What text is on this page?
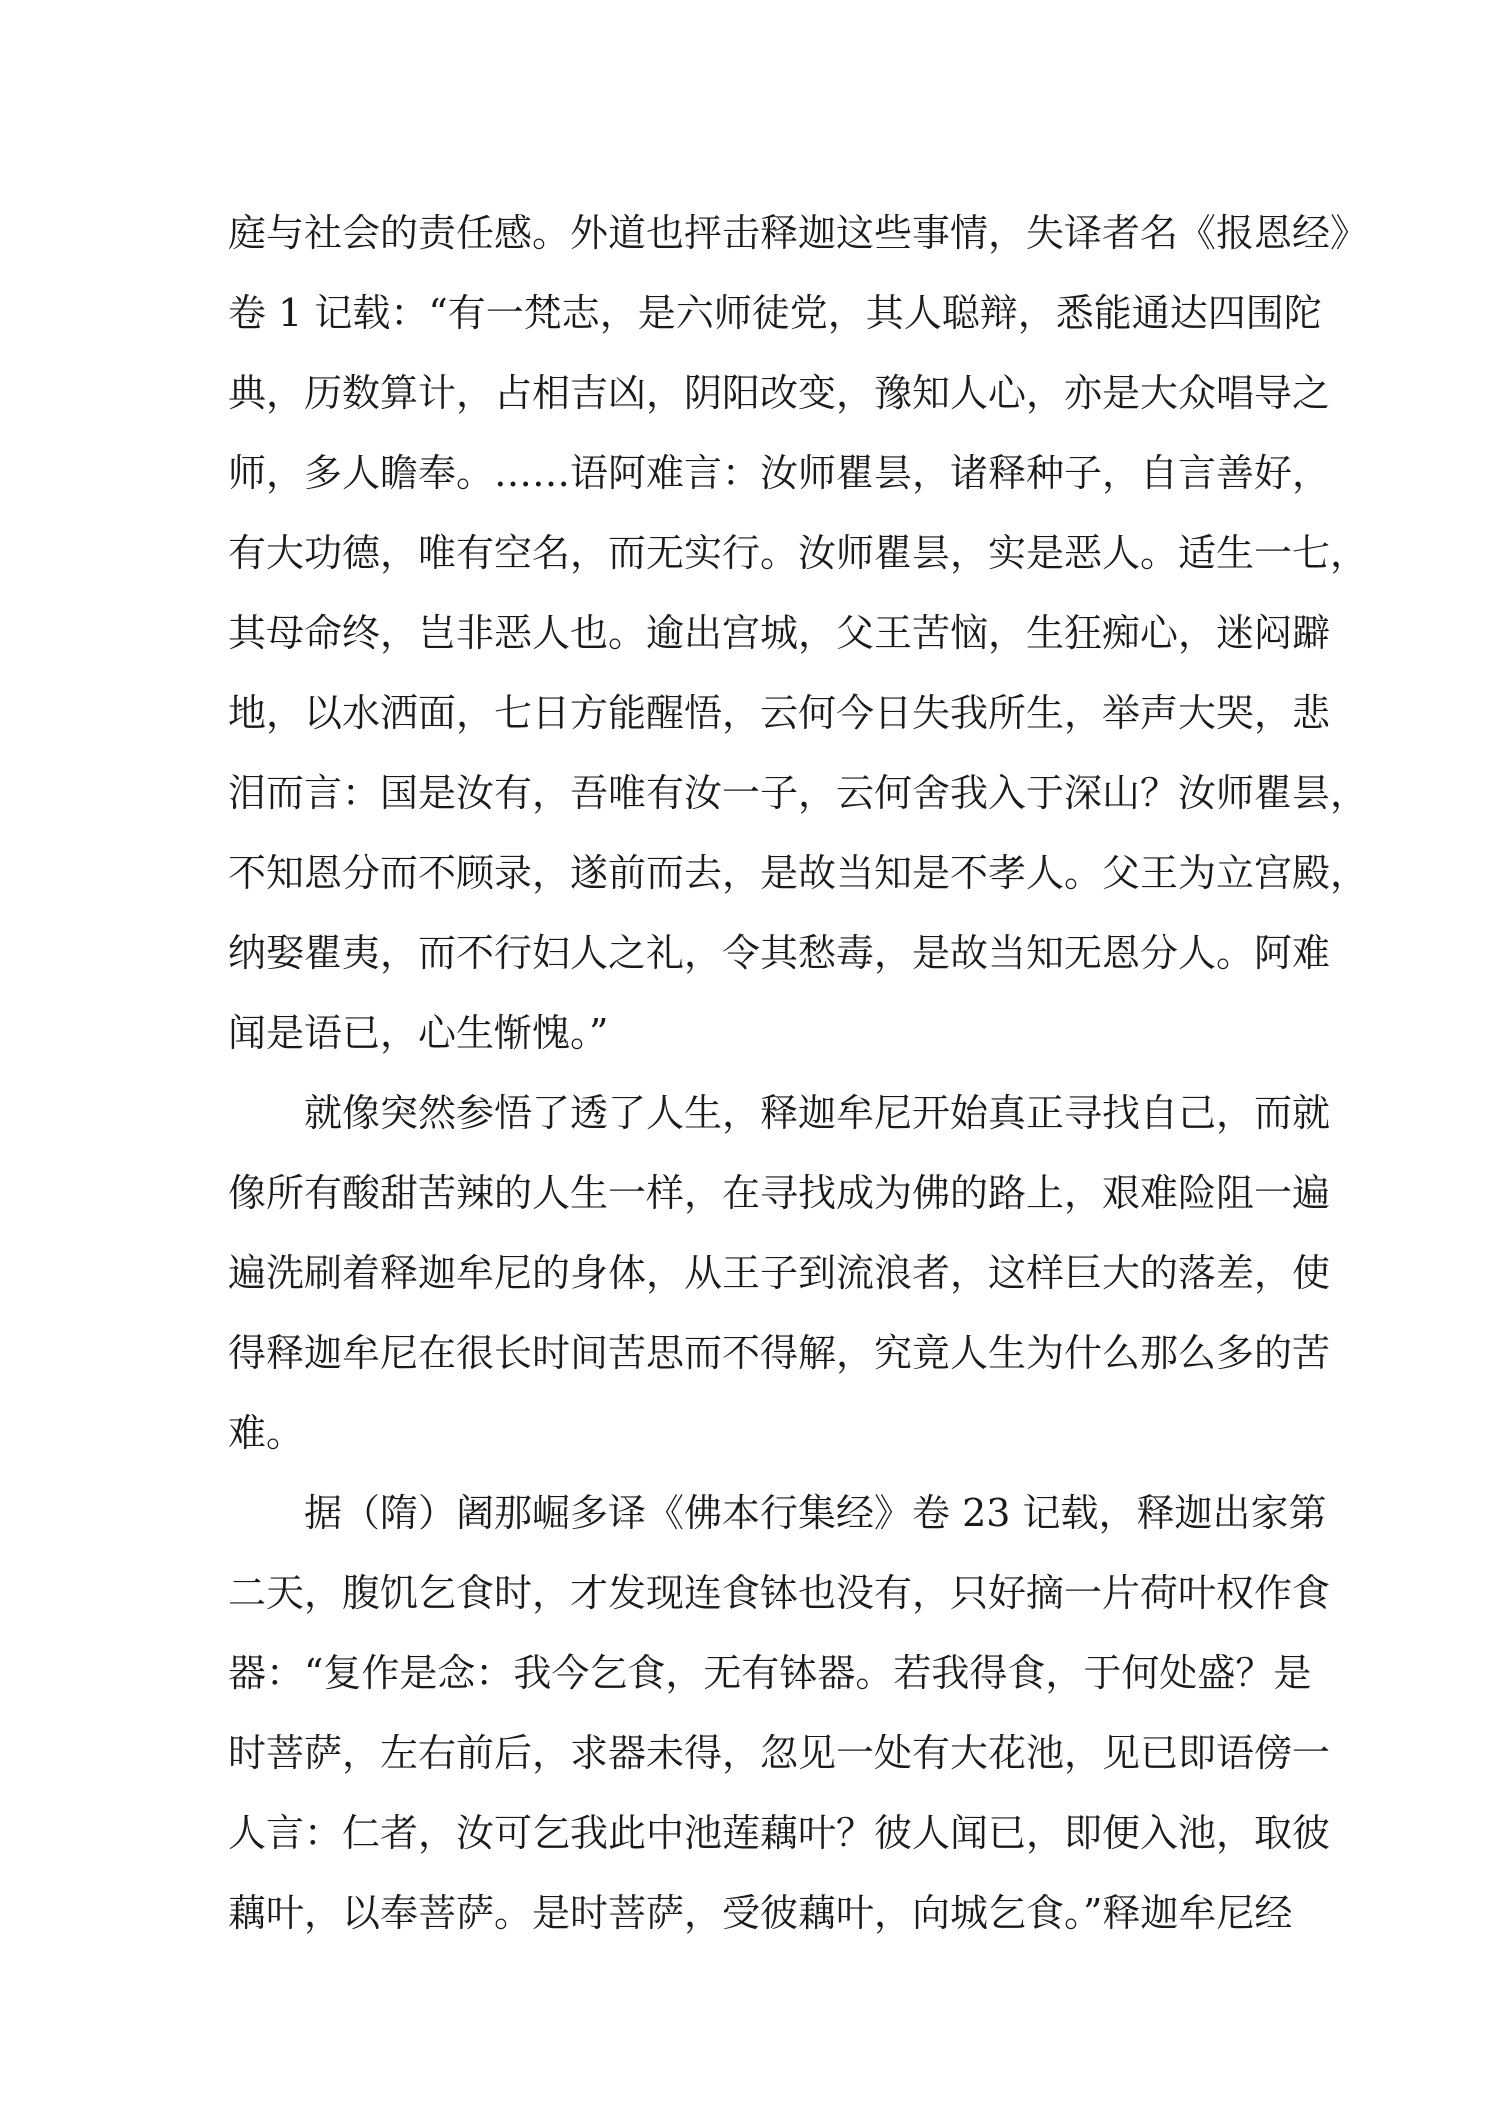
庭与社会的责任感。外道也抨击释迦这些事情，失译者名《报恩经》
卷 1 记载：“有一梵志，是六师徒党，其人聪辩，悉能通达四围陀
典，历数算计，占相吉凶，阴阳改变，豫知人心，亦是大众唱导之
师，多人瞻奉。……语阿难言：汝师瞿昙，诸释种子，自言善好，
有大功德，唯有空名，而无实行。汝师瞿昙，实是恶人。适生一七，
其母命终，岂非恶人也。逾出宫城，父王苦恼，生狂痴心，迷闷躃
地，以水洒面，七日方能醒悟，云何今日失我所生，举声大哭，悲
泪而言：国是汝有，吾唯有汝一子，云何舍我入于深山？汝师瞿昙，
不知恩分而不顾录，遂前而去，是故当知是不孝人。父王为立宫殿，
纳娶瞿夷，而不行妇人之礼，令其愁毒，是故当知无恩分人。阿难
闻是语已，心生惭愧。”
就像突然参悟了透了人生，释迦牟尼开始真正寻找自己，而就
像所有酸甜苦辣的人生一样，在寻找成为佛的路上，艰难险阻一遍
遍洗刷着释迦牟尼的身体，从王子到流浪者，这样巨大的落差，使
得释迦牟尼在很长时间苦思而不得解，究竟人生为什么那么多的苦
难。
据（隋）阇那崛多译《佛本行集经》卷 23 记载，释迦出家第
二天，腹饥乞食时，才发现连食钵也没有，只好摘一片荷叶权作食
器：“复作是念：我今乞食，无有钵器。若我得食，于何处盛？是
时菩萨，左右前后，求器未得，忽见一处有大花池，见已即语傍一
人言：仁者，汝可乞我此中池莲藕叶？彼人闻已，即便入池，取彼
藕叶，以奉菩萨。是时菩萨，受彼藕叶，向城乞食。”释迦牟尼经
